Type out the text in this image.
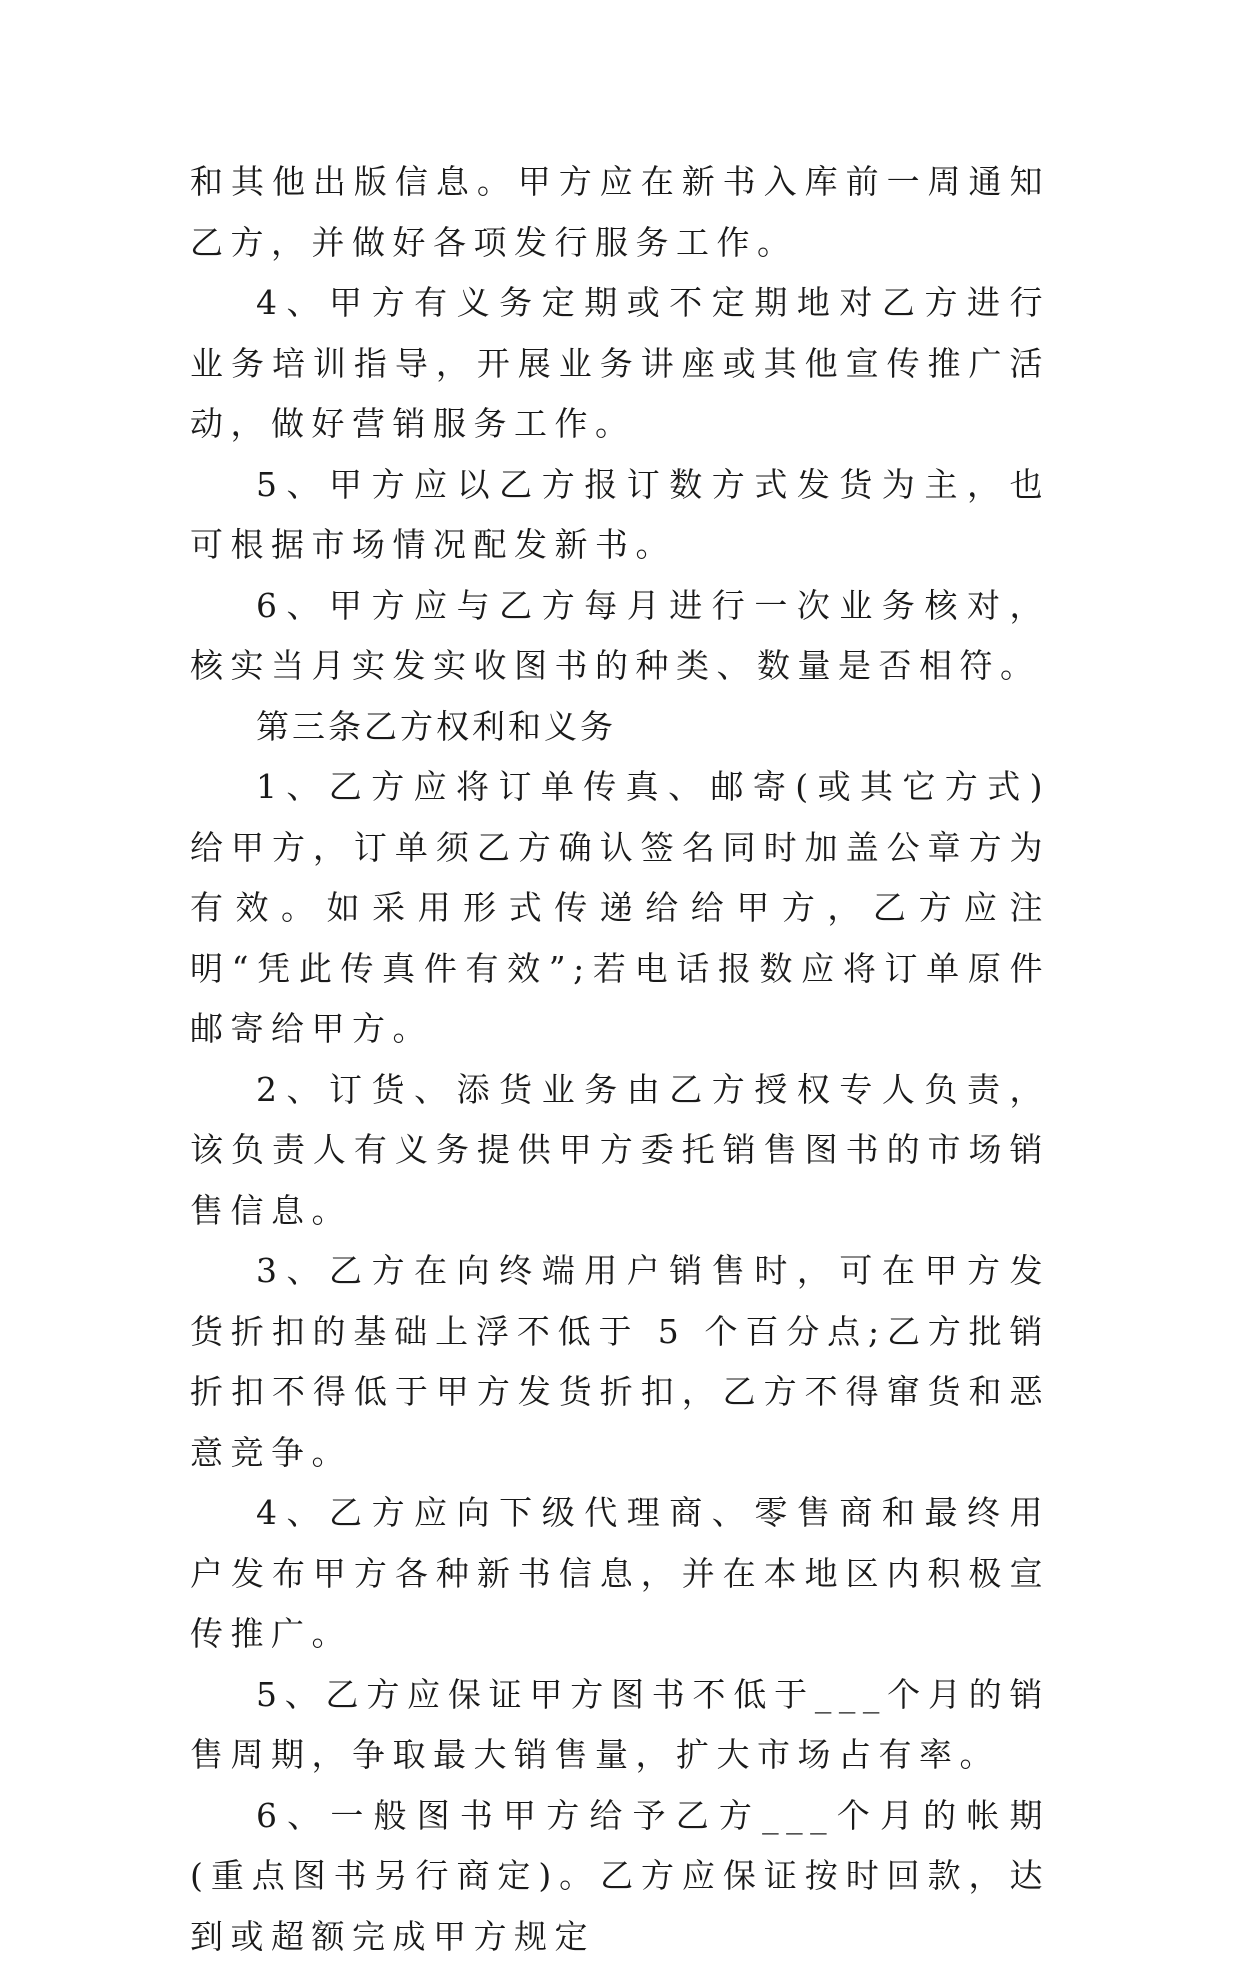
和其他出版信息。甲方应在新书入库前一周通知乙方，并做好各项发行服务工作。

4、甲方有义务定期或不定期地对乙方进行业务培训指导，开展业务讲座或其他宣传推广活动，做好营销服务工作。

5、甲方应以乙方报订数方式发货为主，也可根据市场情况配发新书。

6、甲方应与乙方每月进行一次业务核对，核实当月实发实收图书的种类、数量是否相符。

第三条乙方权利和义务

1、乙方应将订单传真、邮寄(或其它方式)给甲方，订单须乙方确认签名同时加盖公章方为有效。如采用形式传递给给甲方，乙方应注明“凭此传真件有效”;若电话报数应将订单原件邮寄给甲方。

2、订货、添货业务由乙方授权专人负责，该负责人有义务提供甲方委托销售图书的市场销售信息。

3、乙方在向终端用户销售时，可在甲方发货折扣的基础上浮不低于 5 个百分点;乙方批销折扣不得低于甲方发货折扣，乙方不得窜货和恶意竞争。

4、乙方应向下级代理商、零售商和最终用户发布甲方各种新书信息，并在本地区内积极宣传推广。

5、乙方应保证甲方图书不低于___个月的销售周期，争取最大销售量，扩大市场占有率。

6、一般图书甲方给予乙方___个月的帐期(重点图书另行商定)。乙方应保证按时回款，达到或超额完成甲方规定
